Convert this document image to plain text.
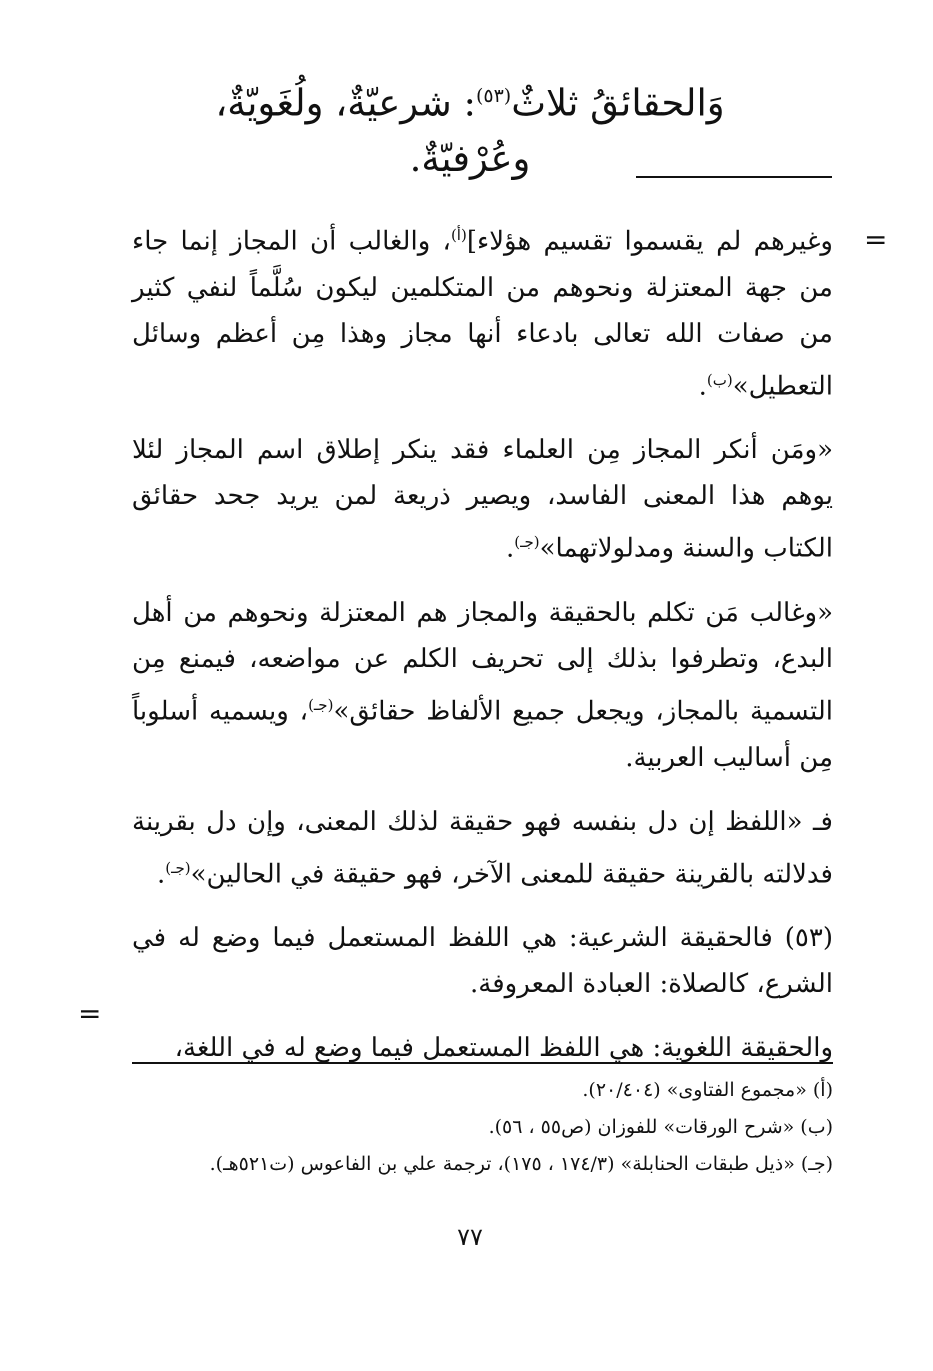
وَالحقائقُ ثلاثٌ$^{(٥٣)}$: شرعيّةٌ، ولُغَويّةٌ، وعُرْفيّةٌ.
=

وغيرهم لم يقسموا تقسيم هؤلاء]$^{(أ)}$، والغالب أن المجاز إنما جاء من جهة المعتزلة ونحوهم من المتكلمين ليكون سُلَّماً لنفي كثير من صفات الله تعالى بادعاء أنها مجاز وهذا مِن أعظم وسائل التعطيل»$^{(ب)}$.

«ومَن أنكر المجاز مِن العلماء فقد ينكر إطلاق اسم المجاز لئلا يوهم هذا المعنى الفاسد، ويصير ذريعة لمن يريد جحد حقائق الكتاب والسنة ومدلولاتهما»$^{(جـ)}$.

«وغالب مَن تكلم بالحقيقة والمجاز هم المعتزلة ونحوهم من أهل البدع، وتطرفوا بذلك إلى تحريف الكلم عن مواضعه، فيمنع مِن التسمية بالمجاز، ويجعل جميع الألفاظ حقائق»$^{(جـ)}$، ويسميه أسلوباً مِن أساليب العربية.

فـ «اللفظ إن دل بنفسه فهو حقيقة لذلك المعنى، وإن دل بقرينة فدلالته بالقرينة حقيقة للمعنى الآخر، فهو حقيقة في الحالين»$^{(جـ)}$.

(٥٣) فالحقيقة الشرعية: هي اللفظ المستعمل فيما وضع له في الشرع، كالصلاة: العبادة المعروفة.

والحقيقة اللغوية: هي اللفظ المستعمل فيما وضع له في اللغة،

=
(أ) «مجموع الفتاوى» (٢٠/٤٠٤).
(ب) «شرح الورقات» للفوزان (ص٥٥ ، ٥٦).
(جـ) «ذيل طبقات الحنابلة» (١٧٤/٣ ، ١٧٥)، ترجمة علي بن الفاعوس (ت٥٢١هـ).
٧٧
